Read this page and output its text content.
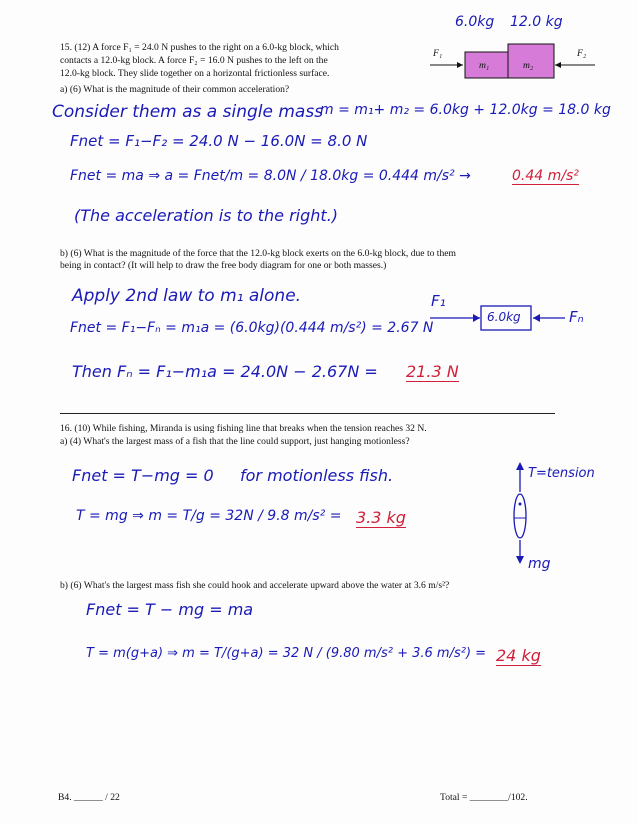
15. (12) A force F₁ = 24.0 N pushes to the right on a 6.0-kg block, which
contacts a 12.0-kg block. A force F₂ = 16.0 N pushes to the left on the
12.0-kg block. They slide together on a horizontal frictionless surface.
a) (6) What is the magnitude of their common acceleration?
6.0kg 12.0 kg
m₁	m₂
F₁	F₂
Consider them as a single mass
m = m₁+ m₂ = 6.0kg + 12.0kg = 18.0 kg
Fnet = F₁−F₂ = 24.0 N − 16.0N = 8.0 N
Fnet = ma ⇒ a = Fnet/m = 8.0N / 18.0kg = 0.444 m/s² →	0.44 m/s²
(The acceleration is to the right.)
b) (6) What is the magnitude of the force that the 12.0-kg block exerts on the 6.0-kg block, due to them
being in contact? (It will help to draw the free body diagram for one or both masses.)
Apply 2nd law to m₁ alone.
Fnet = F₁−Fₙ = m₁a = (6.0kg)(0.444 m/s²) = 2.67 N
Then Fₙ = F₁−m₁a = 24.0N − 2.67N = 21.3 N
F₁
6.0kg	Fₙ
16. (10) While fishing, Miranda is using fishing line that breaks when the tension reaches 32 N.
a) (4) What's the largest mass of a fish that the line could support, just hanging motionless?
Fnet = T−mg = 0 for motionless fish.
T = mg ⇒ m = T/g = 32N / 9.8 m/s² = 3.3 kg
T=tension
mg
b) (6) What's the largest mass fish she could hook and accelerate upward above the water at 3.6 m/s²?
Fnet = T − mg = ma
T = m(g+a) ⇒ m = T/(g+a) = 32 N / (9.80 m/s² + 3.6 m/s²) = 24 kg
B4. ______ / 22	Total = ________/102.
